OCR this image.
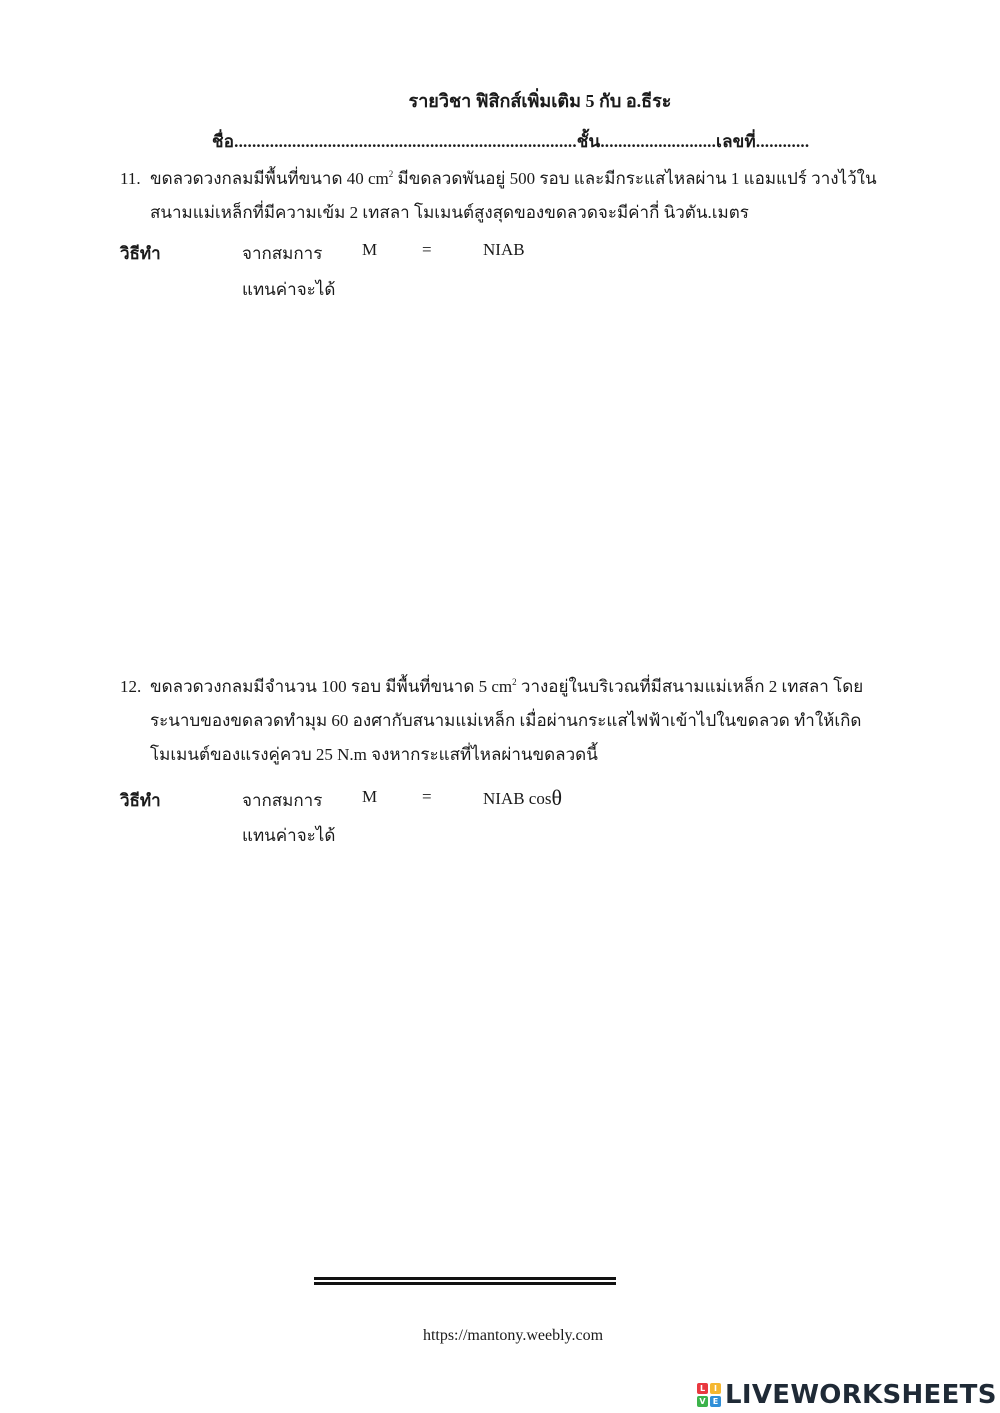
รายวิชา ฟิสิกส์เพิ่มเติม 5 กับ อ.ธีระ
ชื่อ.............................................................................ชั้น..........................เลขที่............
11. ขดลวดวงกลมมีพื้นที่ขนาด 40 $cm^2$ มีขดลวดพันอยู่ 500 รอบ และมีกระแสไหลผ่าน 1 แอมแปร์ วางไว้ใน
สนามแม่เหล็กที่มีความเข้ม 2 เทสลา โมเมนต์สูงสุดของขดลวดจะมีค่ากี่ นิวตัน.เมตร
วิธีทำ	จากสมการ M	=	NIAB
แทนค่าจะได้
12. ขดลวดวงกลมมีจำนวน 100 รอบ มีพื้นที่ขนาด 5 $cm^2$ วางอยู่ในบริเวณที่มีสนามแม่เหล็ก 2 เทสลา โดย
ระนาบของขดลวดทำมุม 60 องศากับสนามแม่เหล็ก เมื่อผ่านกระแสไฟฟ้าเข้าไปในขดลวด ทำให้เกิด
โมเมนต์ของแรงคู่ควบ 25 N.m จงหากระแสที่ไหลผ่านขดลวดนี้
วิธีทำ	จากสมการ M	=	NIAB cosθ
แทนค่าจะได้
https://mantony.weebly.com
L	I
V E LIVEWORKSHEETS
